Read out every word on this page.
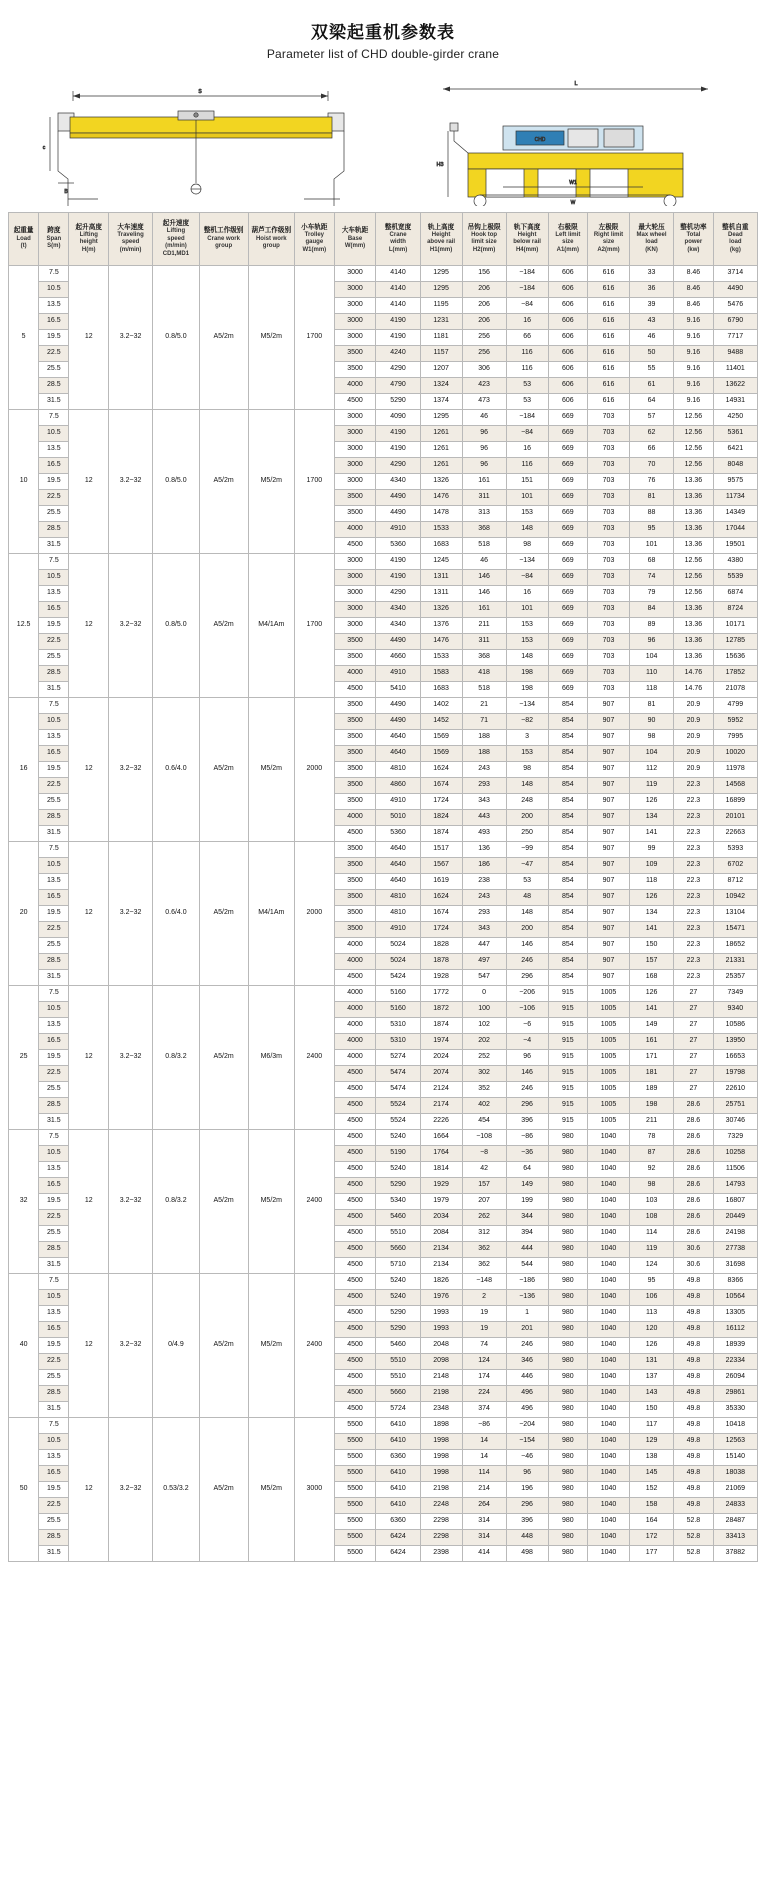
双梁起重机参数表
Parameter list of CHD double-girder crane
S
c
B
L
CHD
H3
W1
W
起重量
Load
(t)	跨度
Span
S(m)	起升高度
Lifting
height
H(m)	大车速度
Traveling
speed
(m/min)	起升速度
Lifting
speed
(m/min)
CD1,MD1	整机工作级别
Crane work
group	葫芦工作级别
Hoist work
group	小车轨距
Trolley
gauge
W1(mm)	大车轨距
Base
W(mm)	整机宽度
Crane
width
L(mm)	轨上高度
Height
above rail
H1(mm)	吊钩上极限
Hook top
limit size
H2(mm)	轨下高度
Height
below rail
H4(mm)	右极限
Left limit
size
A1(mm)	左极限
Right limit
size
A2(mm)	最大轮压
Max wheel
load
(KN)	整机功率
Total
power
(kw)	整机自重
Dead
load
(kg)

5	7.5	12	3.2~32	0.8/5.0	A5/2m	M5/2m	1700	3000	4140	1295	156	−184	606	616	33	8.46	3714
	10.5							3000	4140	1295	206	−184	606	616	36	8.46	4490
	13.5							3000	4140	1195	206	−84	606	616	39	8.46	5476
	16.5							3000	4190	1231	206	16	606	616	43	9.16	6790
	19.5							3000	4190	1181	256	66	606	616	46	9.16	7717
	22.5							3500	4240	1157	256	116	606	616	50	9.16	9488
	25.5							3500	4290	1207	306	116	606	616	55	9.16	11401
	28.5							4000	4790	1324	423	53	606	616	61	9.16	13622
	31.5							4500	5290	1374	473	53	606	616	64	9.16	14931
10	7.5	12	3.2~32	0.8/5.0	A5/2m	M5/2m	1700	3000	4090	1295	46	−184	669	703	57	12.56	4250
	10.5							3000	4190	1261	96	−84	669	703	62	12.56	5361
	13.5							3000	4190	1261	96	16	669	703	66	12.56	6421
	16.5							3000	4290	1261	96	116	669	703	70	12.56	8048
	19.5							3000	4340	1326	161	151	669	703	76	13.36	9575
	22.5							3500	4490	1476	311	101	669	703	81	13.36	11734
	25.5							3500	4490	1478	313	153	669	703	88	13.36	14349
	28.5							4000	4910	1533	368	148	669	703	95	13.36	17044
	31.5							4500	5360	1683	518	98	669	703	101	13.36	19501
12.5	7.5	12	3.2~32	0.8/5.0	A5/2m	M4/1Am	1700	3000	4190	1245	46	−134	669	703	68	12.56	4380
	10.5							3000	4190	1311	146	−84	669	703	74	12.56	5539
	13.5							3000	4290	1311	146	16	669	703	79	12.56	6874
	16.5							3000	4340	1326	161	101	669	703	84	13.36	8724
	19.5							3000	4340	1376	211	153	669	703	89	13.36	10171
	22.5							3500	4490	1476	311	153	669	703	96	13.36	12785
	25.5							3500	4660	1533	368	148	669	703	104	13.36	15636
	28.5							4000	4910	1583	418	198	669	703	110	14.76	17852
	31.5							4500	5410	1683	518	198	669	703	118	14.76	21078
16	7.5	12	3.2~32	0.6/4.0	A5/2m	M5/2m	2000	3500	4490	1402	21	−134	854	907	81	20.9	4799
	10.5							3500	4490	1452	71	−82	854	907	90	20.9	5952
	13.5							3500	4640	1569	188	3	854	907	98	20.9	7995
	16.5							3500	4640	1569	188	153	854	907	104	20.9	10020
	19.5							3500	4810	1624	243	98	854	907	112	20.9	11978
	22.5							3500	4860	1674	293	148	854	907	119	22.3	14568
	25.5							3500	4910	1724	343	248	854	907	126	22.3	16899
	28.5							4000	5010	1824	443	200	854	907	134	22.3	20101
	31.5							4500	5360	1874	493	250	854	907	141	22.3	22663
20	7.5	12	3.2~32	0.6/4.0	A5/2m	M4/1Am	2000	3500	4640	1517	136	−99	854	907	99	22.3	5393
	10.5							3500	4640	1567	186	−47	854	907	109	22.3	6702
	13.5							3500	4640	1619	238	53	854	907	118	22.3	8712
	16.5							3500	4810	1624	243	48	854	907	126	22.3	10942
	19.5							3500	4810	1674	293	148	854	907	134	22.3	13104
	22.5							3500	4910	1724	343	200	854	907	141	22.3	15471
	25.5							4000	5024	1828	447	146	854	907	150	22.3	18652
	28.5							4000	5024	1878	497	246	854	907	157	22.3	21331
	31.5							4500	5424	1928	547	296	854	907	168	22.3	25357
25	7.5	12	3.2~32	0.8/3.2	A5/2m	M6/3m	2400	4000	5160	1772	0	−206	915	1005	126	27	7349
	10.5							4000	5160	1872	100	−106	915	1005	141	27	9340
	13.5							4000	5310	1874	102	−6	915	1005	149	27	10586
	16.5							4000	5310	1974	202	−4	915	1005	161	27	13950
	19.5							4000	5274	2024	252	96	915	1005	171	27	16653
	22.5							4500	5474	2074	302	146	915	1005	181	27	19798
	25.5							4500	5474	2124	352	246	915	1005	189	27	22610
	28.5							4500	5524	2174	402	296	915	1005	198	28.6	25751
	31.5							4500	5524	2226	454	396	915	1005	211	28.6	30746
32	7.5	12	3.2~32	0.8/3.2	A5/2m	M5/2m	2400	4500	5240	1664	−108	−86	980	1040	78	28.6	7329
	10.5							4500	5190	1764	−8	−36	980	1040	87	28.6	10258
	13.5							4500	5240	1814	42	64	980	1040	92	28.6	11506
	16.5							4500	5290	1929	157	149	980	1040	98	28.6	14793
	19.5							4500	5340	1979	207	199	980	1040	103	28.6	16807
	22.5							4500	5460	2034	262	344	980	1040	108	28.6	20449
	25.5							4500	5510	2084	312	394	980	1040	114	28.6	24198
	28.5							4500	5660	2134	362	444	980	1040	119	30.6	27738
	31.5							4500	5710	2134	362	544	980	1040	124	30.6	31698
40	7.5	12	3.2~32	0/4.9	A5/2m	M5/2m	2400	4500	5240	1826	−148	−186	980	1040	95	49.8	8366
	10.5							4500	5240	1976	2	−136	980	1040	106	49.8	10564
	13.5							4500	5290	1993	19	1	980	1040	113	49.8	13305
	16.5							4500	5290	1993	19	201	980	1040	120	49.8	16112
	19.5							4500	5460	2048	74	246	980	1040	126	49.8	18939
	22.5							4500	5510	2098	124	346	980	1040	131	49.8	22334
	25.5							4500	5510	2148	174	446	980	1040	137	49.8	26094
	28.5							4500	5660	2198	224	496	980	1040	143	49.8	29861
	31.5							4500	5724	2348	374	496	980	1040	150	49.8	35330
50	7.5	12	3.2~32	0.53/3.2	A5/2m	M5/2m	3000	5500	6410	1898	−86	−204	980	1040	117	49.8	10418
	10.5							5500	6410	1998	14	−154	980	1040	129	49.8	12563
	13.5							5500	6360	1998	14	−46	980	1040	138	49.8	15140
	16.5							5500	6410	1998	114	96	980	1040	145	49.8	18038
	19.5							5500	6410	2198	214	196	980	1040	152	49.8	21069
	22.5							5500	6410	2248	264	296	980	1040	158	49.8	24833
	25.5							5500	6360	2298	314	396	980	1040	164	52.8	28487
	28.5							5500	6424	2298	314	448	980	1040	172	52.8	33413
	31.5							5500	6424	2398	414	498	980	1040	177	52.8	37882
